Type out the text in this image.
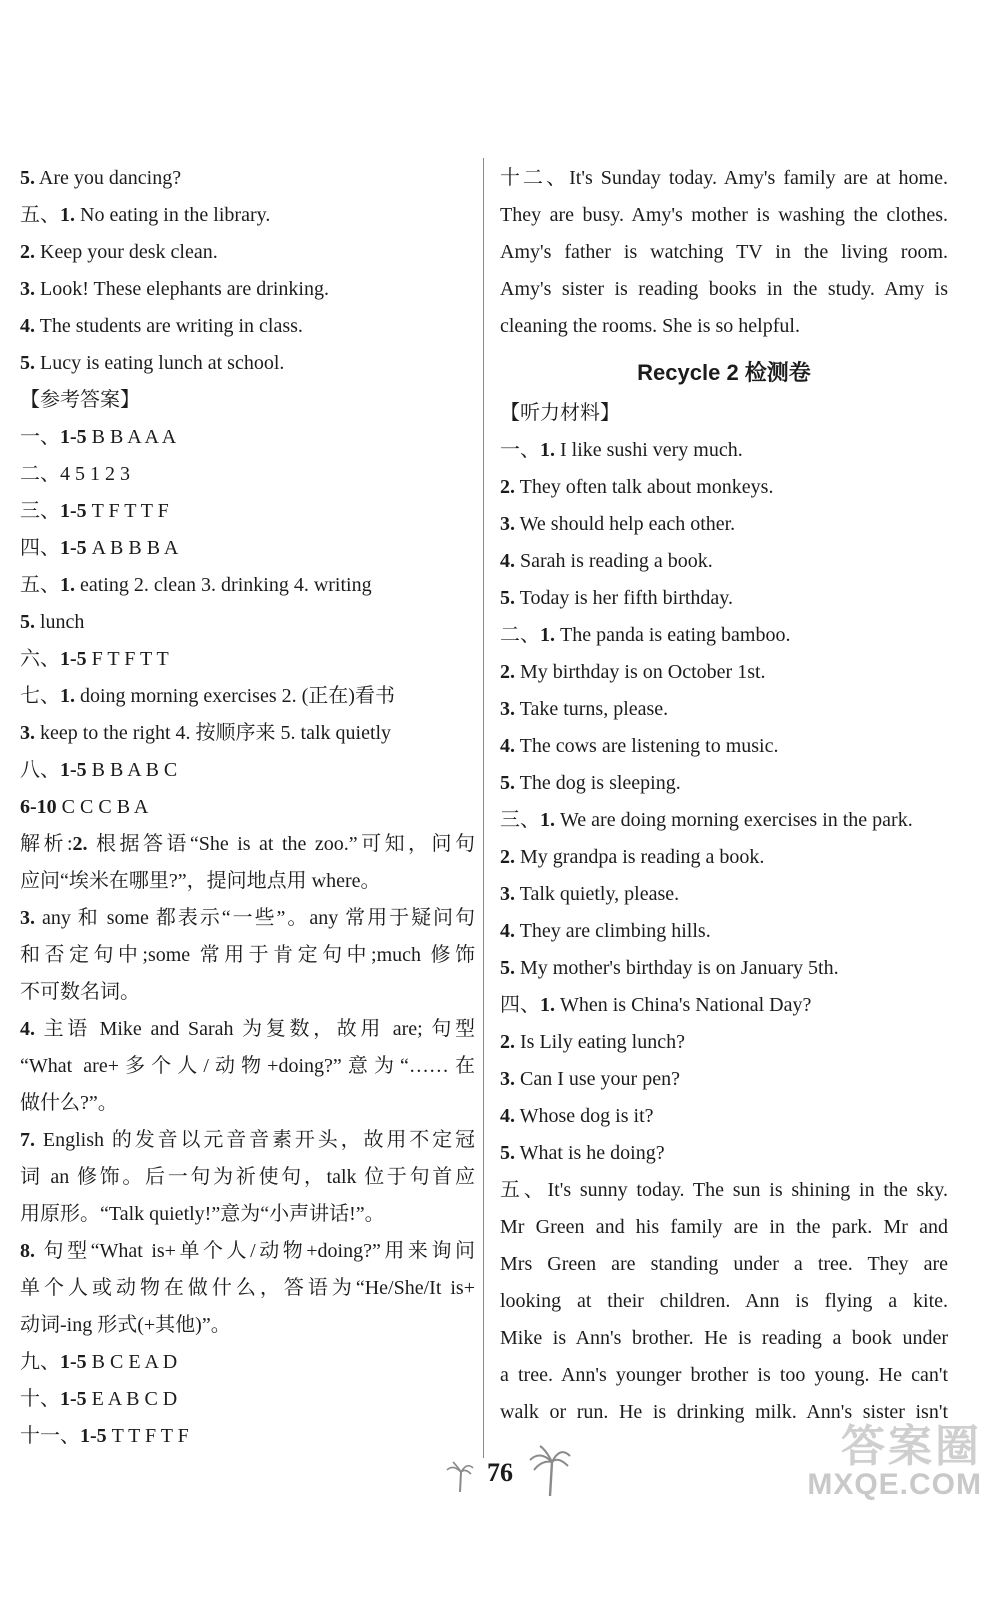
5. Are you dancing?
五、1. No eating in the library.
2. Keep your desk clean.
3. Look! These elephants are drinking.
4. The students are writing in class.
5. Lucy is eating lunch at school.
【参考答案】
一、1-5 B B A A A
二、4 5 1 2 3
三、1-5 T F T T F
四、1-5 A B B B A
五、1. eating 2. clean 3. drinking 4. writing
5. lunch
六、1-5 F T F T T
七、1. doing morning exercises 2. (正在)看书
3. keep to the right 4. 按顺序来 5. talk quietly
八、1-5 B B A B C
6-10 C C C B A
解析:2. 根据答语“She is at the zoo.”可知，问句
应问“埃米在哪里?”，提问地点用 where。
3. any 和 some 都表示“一些”。any 常用于疑问句
和否定句中;some 常用于肯定句中;much 修饰
不可数名词。
4. 主语 Mike and Sarah 为复数，故用 are; 句型
“What are+多个人/动物+doing?”意为“……在
做什么?”。
7. English 的发音以元音音素开头，故用不定冠
词 an 修饰。后一句为祈使句，talk 位于句首应
用原形。“Talk quietly!”意为“小声讲话!”。
8. 句型“What is+单个人/动物+doing?”用来询问
单个人或动物在做什么，答语为“He/She/It is+
动词-ing 形式(+其他)”。
九、1-5 B C E A D
十、1-5 E A B C D
十一、1-5 T T F T F
十二、It's Sunday today. Amy's family are at home.
They are busy. Amy's mother is washing the clothes.
Amy's father is watching TV in the living room.
Amy's sister is reading books in the study. Amy is
cleaning the rooms. She is so helpful.
Recycle 2 检测卷
【听力材料】
一、1. I like sushi very much.
2. They often talk about monkeys.
3. We should help each other.
4. Sarah is reading a book.
5. Today is her fifth birthday.
二、1. The panda is eating bamboo.
2. My birthday is on October 1st.
3. Take turns, please.
4. The cows are listening to music.
5. The dog is sleeping.
三、1. We are doing morning exercises in the park.
2. My grandpa is reading a book.
3. Talk quietly, please.
4. They are climbing hills.
5. My mother's birthday is on January 5th.
四、1. When is China's National Day?
2. Is Lily eating lunch?
3. Can I use your pen?
4. Whose dog is it?
5. What is he doing?
五、It's sunny today. The sun is shining in the sky.
Mr Green and his family are in the park. Mr and
Mrs Green are standing under a tree. They are
looking at their children. Ann is flying a kite.
Mike is Ann's brother. He is reading a book under
a tree. Ann's younger brother is too young. He can't
walk or run. He is drinking milk. Ann's sister isn't
76
答案圈
MXQE.COM
